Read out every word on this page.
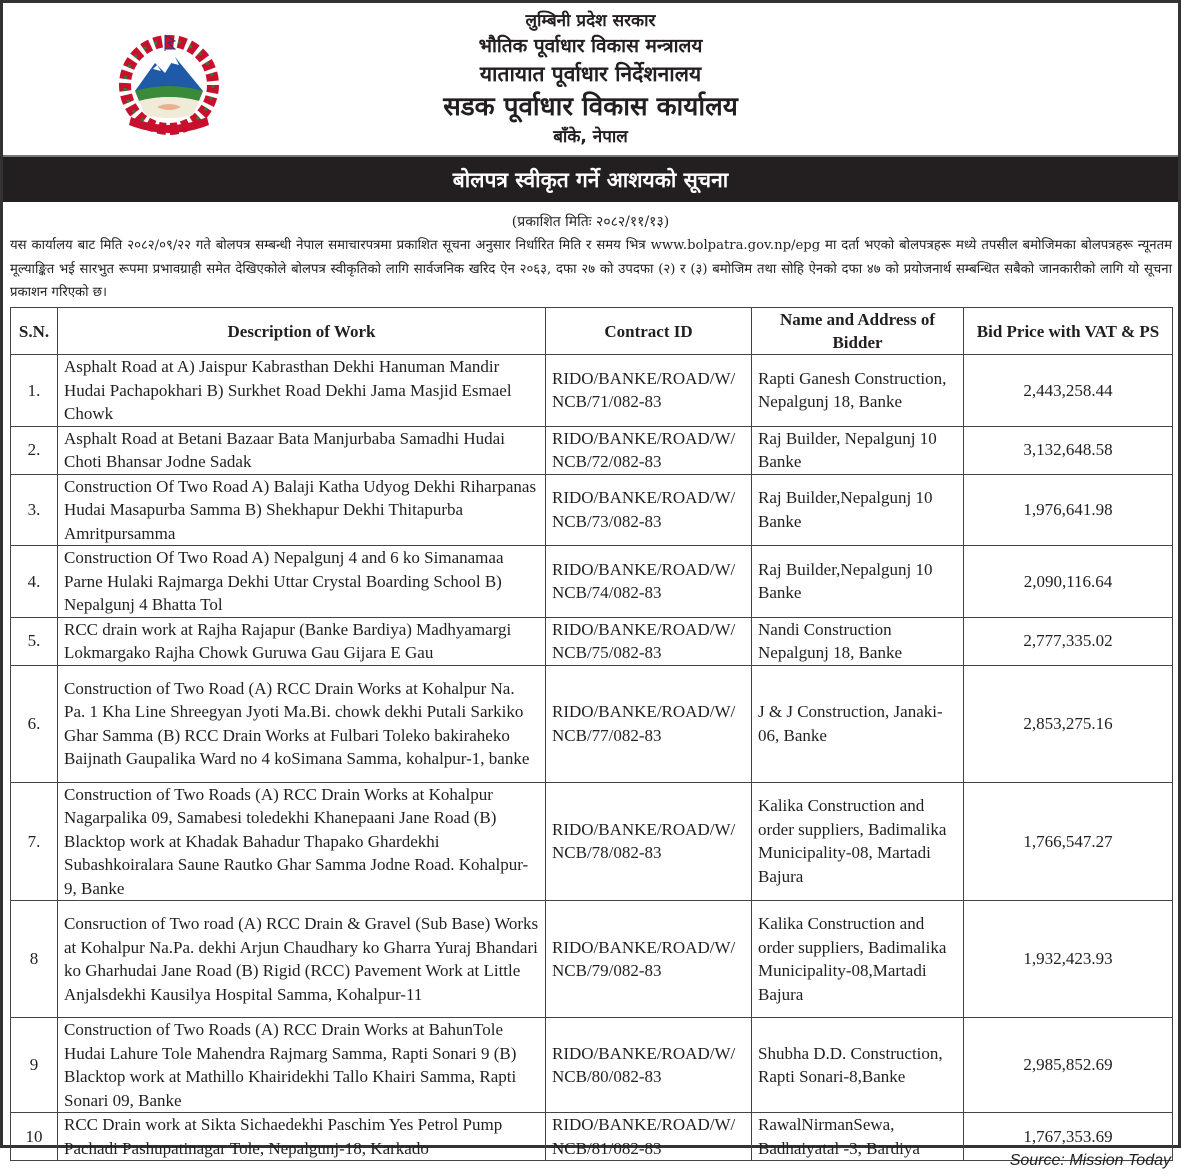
लुम्बिनी प्रदेश सरकार
भौतिक पूर्वाधार विकास मन्त्रालय
यातायात पूर्वाधार निर्देशनालय
सडक पूर्वाधार विकास कार्यालय
बाँके, नेपाल
बोलपत्र स्वीकृत गर्ने आशयको सूचना
(प्रकाशित मितिः २०८२/११/१३)
यस कार्यालय बाट मिति २०८२/०९/२२ गते बोलपत्र सम्बन्धी नेपाल समाचारपत्रमा प्रकाशित सूचना अनुसार निर्धारित मिति र समय भित्र www.bolpatra.gov.np/epg मा दर्ता भएको बोलपत्रहरू मध्ये तपसील बमोजिमका बोलपत्रहरू न्यूनतम मूल्याङ्कित भई सारभुत रूपमा प्रभावग्राही समेत देखिएकोले बोलपत्र स्वीकृतिको लागि सार्वजनिक खरिद ऐन २०६३, दफा २७ को उपदफा (२) र (३) बमोजिम तथा सोहि ऐनको दफा ४७ को प्रयोजनार्थ सम्बन्धित सबैको जानकारीको लागि यो सूचना प्रकाशन गरिएको छ।
S.N.	Description of Work	Contract ID	Name and Address of Bidder	Bid Price with VAT & PS
1.	Asphalt Road at A) Jaispur Kabrasthan Dekhi Hanuman Mandir Hudai Pachapokhari B) Surkhet Road Dekhi Jama Masjid Esmael Chowk	RIDO/BANKE/ROAD/W/ NCB/71/082-83	Rapti Ganesh Construction, Nepalgunj 18, Banke	2,443,258.44
2.	Asphalt Road at Betani Bazaar Bata Manjurbaba Samadhi Hudai Choti Bhansar Jodne Sadak	RIDO/BANKE/ROAD/W/ NCB/72/082-83	Raj Builder, Nepalgunj 10 Banke	3,132,648.58
3.	Construction Of Two Road A) Balaji Katha Udyog Dekhi Riharpanas Hudai Masapurba Samma B) Shekhapur Dekhi Thitapurba Amritpursamma	RIDO/BANKE/ROAD/W/ NCB/73/082-83	Raj Builder,Nepalgunj 10 Banke	1,976,641.98
4.	Construction Of Two Road A) Nepalgunj 4 and 6 ko Simanamaa Parne Hulaki Rajmarga Dekhi Uttar Crystal Boarding School B) Nepalgunj 4 Bhatta Tol	RIDO/BANKE/ROAD/W/ NCB/74/082-83	Raj Builder,Nepalgunj 10 Banke	2,090,116.64
5.	RCC drain work at Rajha Rajapur (Banke Bardiya) Madhyamargi Lokmargako Rajha Chowk Guruwa Gau Gijara E Gau	RIDO/BANKE/ROAD/W/ NCB/75/082-83	Nandi Construction Nepalgunj 18, Banke	2,777,335.02
6.	Construction of Two Road (A) RCC Drain Works at Kohalpur Na. Pa. 1 Kha Line Shreegyan Jyoti Ma.Bi. chowk dekhi Putali Sarkiko Ghar Samma (B) RCC Drain Works at Fulbari Toleko bakiraheko Baijnath Gaupalika Ward no 4 koSimana Samma, kohalpur-1, banke	RIDO/BANKE/ROAD/W/ NCB/77/082-83	J & J Construction, Janaki-06, Banke	2,853,275.16
7.	Construction of Two Roads (A) RCC Drain Works at Kohalpur Nagarpalika 09, Samabesi toledekhi Khanepaani Jane Road (B) Blacktop work at Khadak Bahadur Thapako Ghardekhi Subashkoiralara Saune Rautko Ghar Samma Jodne Road. Kohalpur-9, Banke	RIDO/BANKE/ROAD/W/ NCB/78/082-83	Kalika Construction and order suppliers, Badimalika Municipality-08, Martadi Bajura	1,766,547.27
8	Consruction of Two road (A) RCC Drain & Gravel (Sub Base) Works at Kohalpur Na.Pa. dekhi Arjun Chaudhary ko Gharra Yuraj Bhandari ko Gharhudai Jane Road (B) Rigid (RCC) Pavement Work at Little Anjalsdekhi Kausilya Hospital Samma, Kohalpur-11	RIDO/BANKE/ROAD/W/ NCB/79/082-83	Kalika Construction and order suppliers, Badimalika Municipality-08,Martadi Bajura	1,932,423.93
9	Construction of Two Roads (A) RCC Drain Works at BahunTole Hudai Lahure Tole Mahendra Rajmarg Samma, Rapti Sonari 9 (B) Blacktop work at Mathillo Khairidekhi Tallo Khairi Samma, Rapti Sonari 09, Banke	RIDO/BANKE/ROAD/W/ NCB/80/082-83	Shubha D.D. Construction, Rapti Sonari-8,Banke	2,985,852.69
10	RCC Drain work at Sikta Sichaedekhi Paschim Yes Petrol Pump Pachadi Pashupatinagar Tole, Nepalgunj-18, Karkado	RIDO/BANKE/ROAD/W/ NCB/81/082-83	RawalNirmanSewa, Badhaiyatal -3, Bardiya	1,767,353.69
Source: Mission Today
